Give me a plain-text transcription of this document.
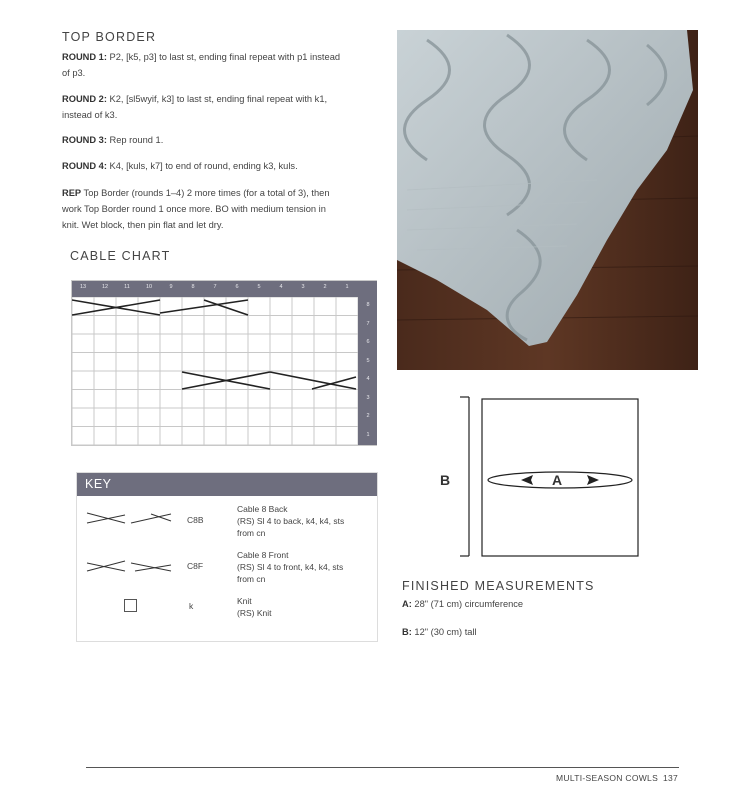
TOP BORDER
ROUND 1: P2, [k5, p3] to last st, ending final repeat with p1 instead
of p3.
ROUND 2: K2, [sl5wyif, k3] to last st, ending final repeat with k1,
instead of k3.
ROUND 3: Rep round 1.
ROUND 4: K4, [kuls, k7] to end of round, ending k3, kuls.
REP Top Border (rounds 1–4) 2 more times (for a total of 3), then
work Top Border round 1 once more. BO with medium tension in
knit. Wet block, then pin flat and let dry.
CABLE CHART
13	12	11	10	9	8	7	6	5	4	3	2	1
8
7
6
5
4
3
2
1
KEY
C8B
Cable 8 Back
(RS) Sl 4 to back, k4, k4, sts
from cn
C8F
Cable 8 Front
(RS) Sl 4 to front, k4, k4, sts
from cn
k	Knit
(RS) Knit
A
B
FINISHED MEASUREMENTS
A: 28" (71 cm) circumference
B: 12" (30 cm) tall
MULTI-SEASON COWLS 137
